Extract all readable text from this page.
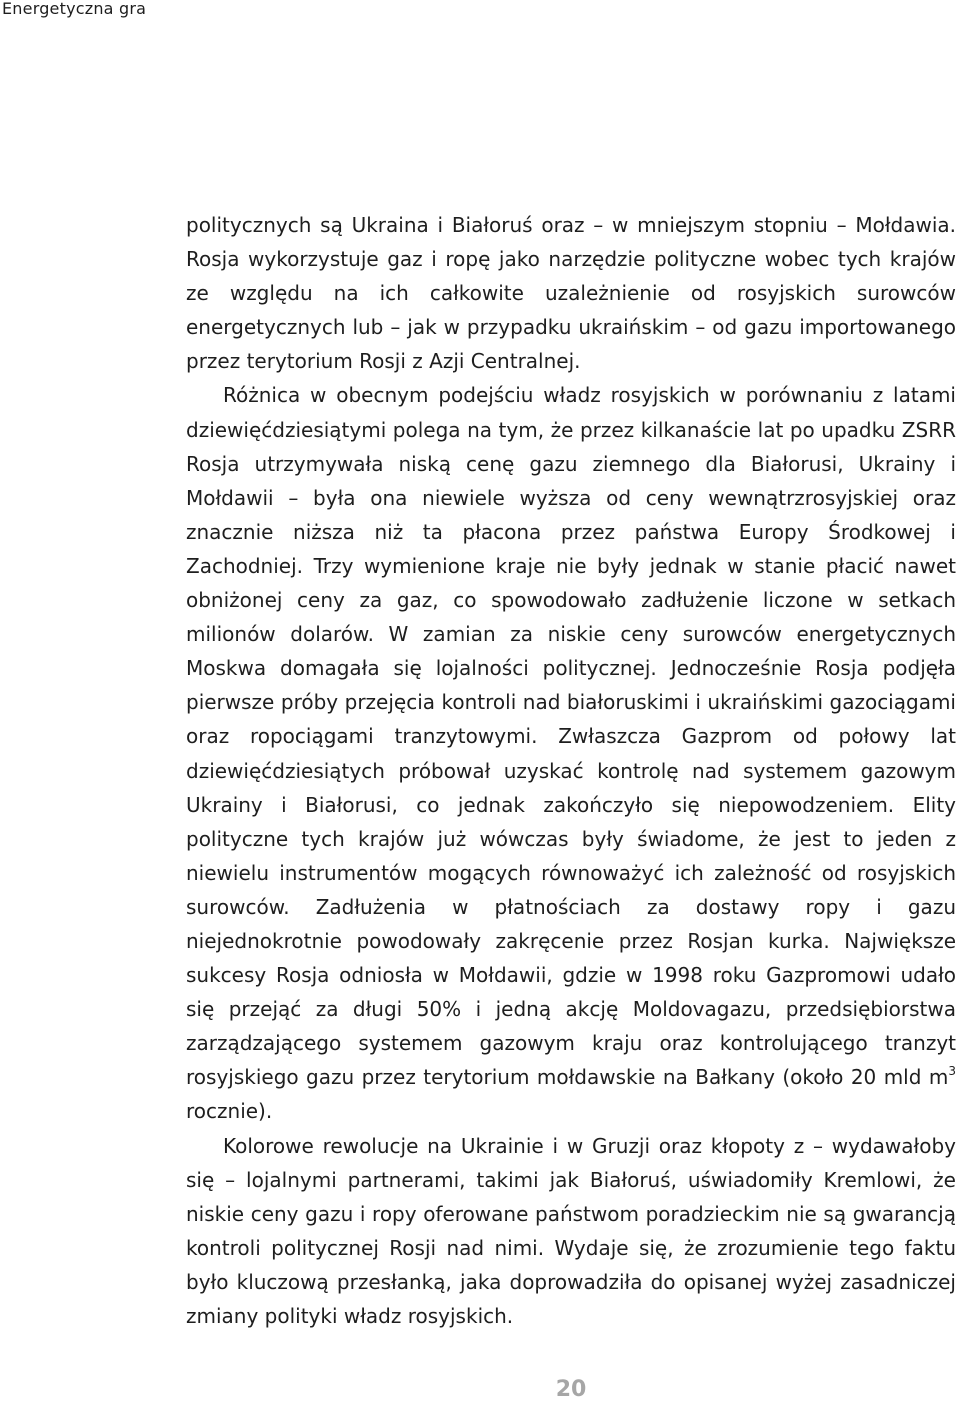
Energetyczna gra

politycznych są Ukraina i Białoruś oraz – w mniejszym stopniu – Mołdawia. Rosja wykorzystuje gaz i ropę jako narzędzie polityczne wobec tych krajów ze względu na ich całkowite uzależnienie od rosyjskich surowców energetycznych lub – jak w przypadku ukraińskim – od gazu importowanego przez terytorium Rosji z Azji Centralnej.

Różnica w obecnym podejściu władz rosyjskich w porównaniu z latami dziewięćdziesiątymi polega na tym, że przez kilkanaście lat po upadku ZSRR Rosja utrzymywała niską cenę gazu ziemnego dla Białorusi, Ukrainy i Mołdawii – była ona niewiele wyższa od ceny wewnątrzrosyjskiej oraz znacznie niższa niż ta płacona przez państwa Europy Środkowej i Zachodniej. Trzy wymienione kraje nie były jednak w stanie płacić nawet obniżonej ceny za gaz, co spowodowało zadłużenie liczone w setkach milionów dolarów. W zamian za niskie ceny surowców energetycznych Moskwa domagała się lojalności politycznej. Jednocześnie Rosja podjęła pierwsze próby przejęcia kontroli nad białoruskimi i ukraińskimi gazociągami oraz ropociągami tranzytowymi. Zwłaszcza Gazprom od połowy lat dziewięćdziesiątych próbował uzyskać kontrolę nad systemem gazowym Ukrainy i Białorusi, co jednak zakończyło się niepowodzeniem. Elity polityczne tych krajów już wówczas były świadome, że jest to jeden z niewielu instrumentów mogących równoważyć ich zależność od rosyjskich surowców. Zadłużenia w płatnościach za dostawy ropy i gazu niejednokrotnie powodowały zakręcenie przez Rosjan kurka. Największe sukcesy Rosja odniosła w Mołdawii, gdzie w 1998 roku Gazpromowi udało się przejąć za długi 50% i jedną akcję Moldovagazu, przedsiębiorstwa zarządzającego systemem gazowym kraju oraz kontrolującego tranzyt rosyjskiego gazu przez terytorium mołdawskie na Bałkany (około 20 mld $m^3$ rocznie).

Kolorowe rewolucje na Ukrainie i w Gruzji oraz kłopoty z – wydawałoby się – lojalnymi partnerami, takimi jak Białoruś, uświadomiły Kremlowi, że niskie ceny gazu i ropy oferowane państwom poradzieckim nie są gwarancją kontroli politycznej Rosji nad nimi. Wydaje się, że zrozumienie tego faktu było kluczową przesłanką, jaka doprowadziła do opisanej wyżej zasadniczej zmiany polityki władz rosyjskich.

20
